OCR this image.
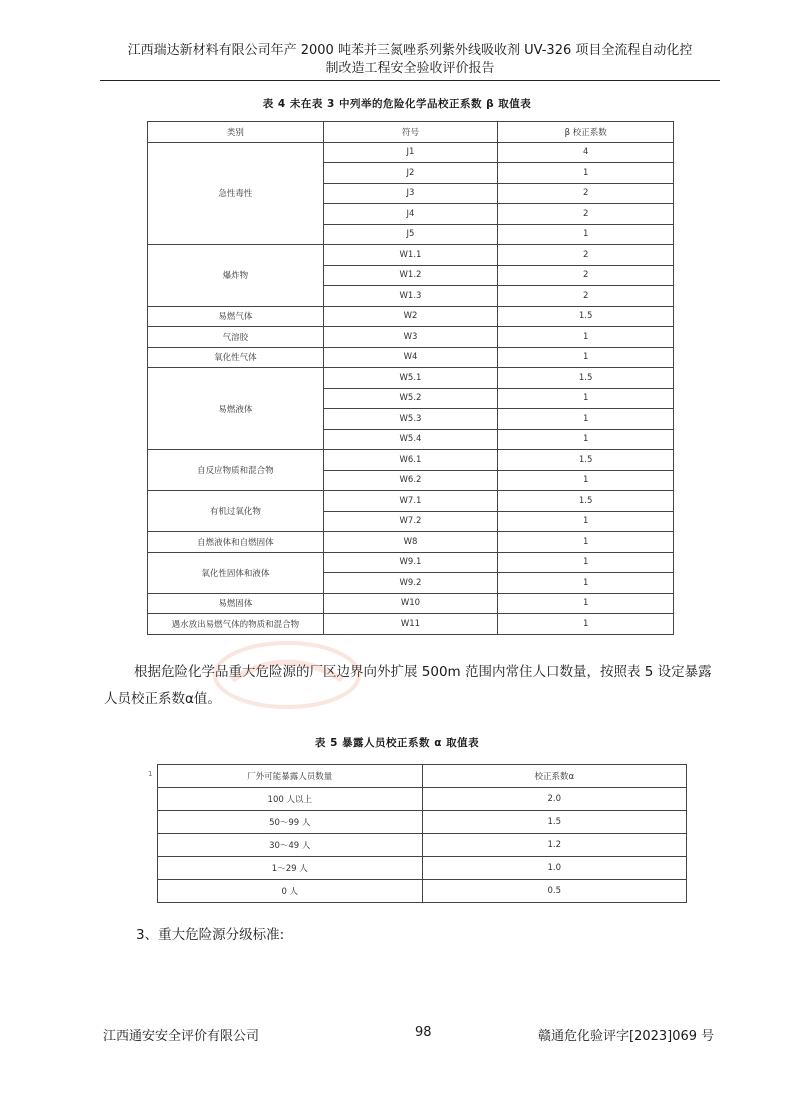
江西瑞达新材料有限公司年产 2000 吨苯并三氮唑系列紫外线吸收剂 UV-326 项目全流程自动化控
制改造工程安全验收评价报告
表 4 未在表 3 中列举的危险化学品校正系数 β 取值表
类别	符号	β 校正系数
急性毒性	J1	4
	J2	1
	J3	2
	J4	2
	J5	1
爆炸物	W1.1	2
	W1.2	2
	W1.3	2
易燃气体	W2	1.5
气溶胶	W3	1
氧化性气体	W4	1
易燃液体	W5.1	1.5
	W5.2	1
	W5.3	1
	W5.4	1
自反应物质和混合物	W6.1	1.5
	W6.2	1
有机过氧化物	W7.1	1.5
	W7.2	1
自燃液体和自燃固体	W8	1
氧化性固体和液体	W9.1	1
	W9.2	1
易燃固体	W10	1
遇水放出易燃气体的物质和混合物	W11	1
根据危险化学品重大危险源的厂区边界向外扩展 500m 范围内常住人口数量，按照表 5 设定暴露人员校正系数α值。
表 5 暴露人员校正系数 α 取值表
1	厂外可能暴露人员数量	校正系数α
100 人以上	2.0
50～99 人	1.5
30～49 人	1.2
1～29 人	1.0
0 人	0.5
3、重大危险源分级标准:
江西通安安全评价有限公司	98	赣通危化验评字[2023]069 号
